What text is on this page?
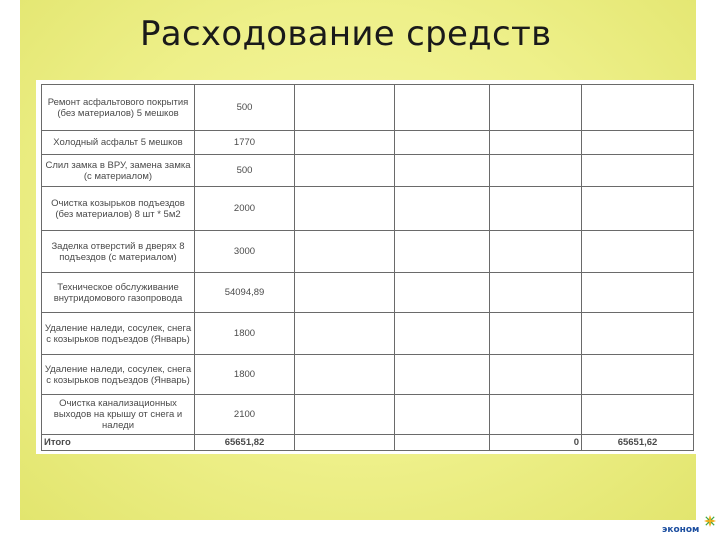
Расходование средств
Ремонт асфальтового покрытия (без материалов) 5 мешков	500				
Холодный асфальт 5 мешков	1770				
Слил замка в ВРУ, замена замка (с материалом)	500				
Очистка козырьков подъездов (без материалов) 8 шт * 5м2	2000				
Заделка отверстий в дверях 8 подъездов (с материалом)	3000				
Техническое обслуживание внутридомового газопровода	54094,89				
Удаление наледи, сосулек, снега с козырьков подъездов (Январь)	1800				
Удаление наледи, сосулек, снега с козырьков подъездов (Январь)	1800				
Очистка канализационных выходов на крышу от снега и наледи	2100				
Итого	65651,82			0	65651,62
эконом
